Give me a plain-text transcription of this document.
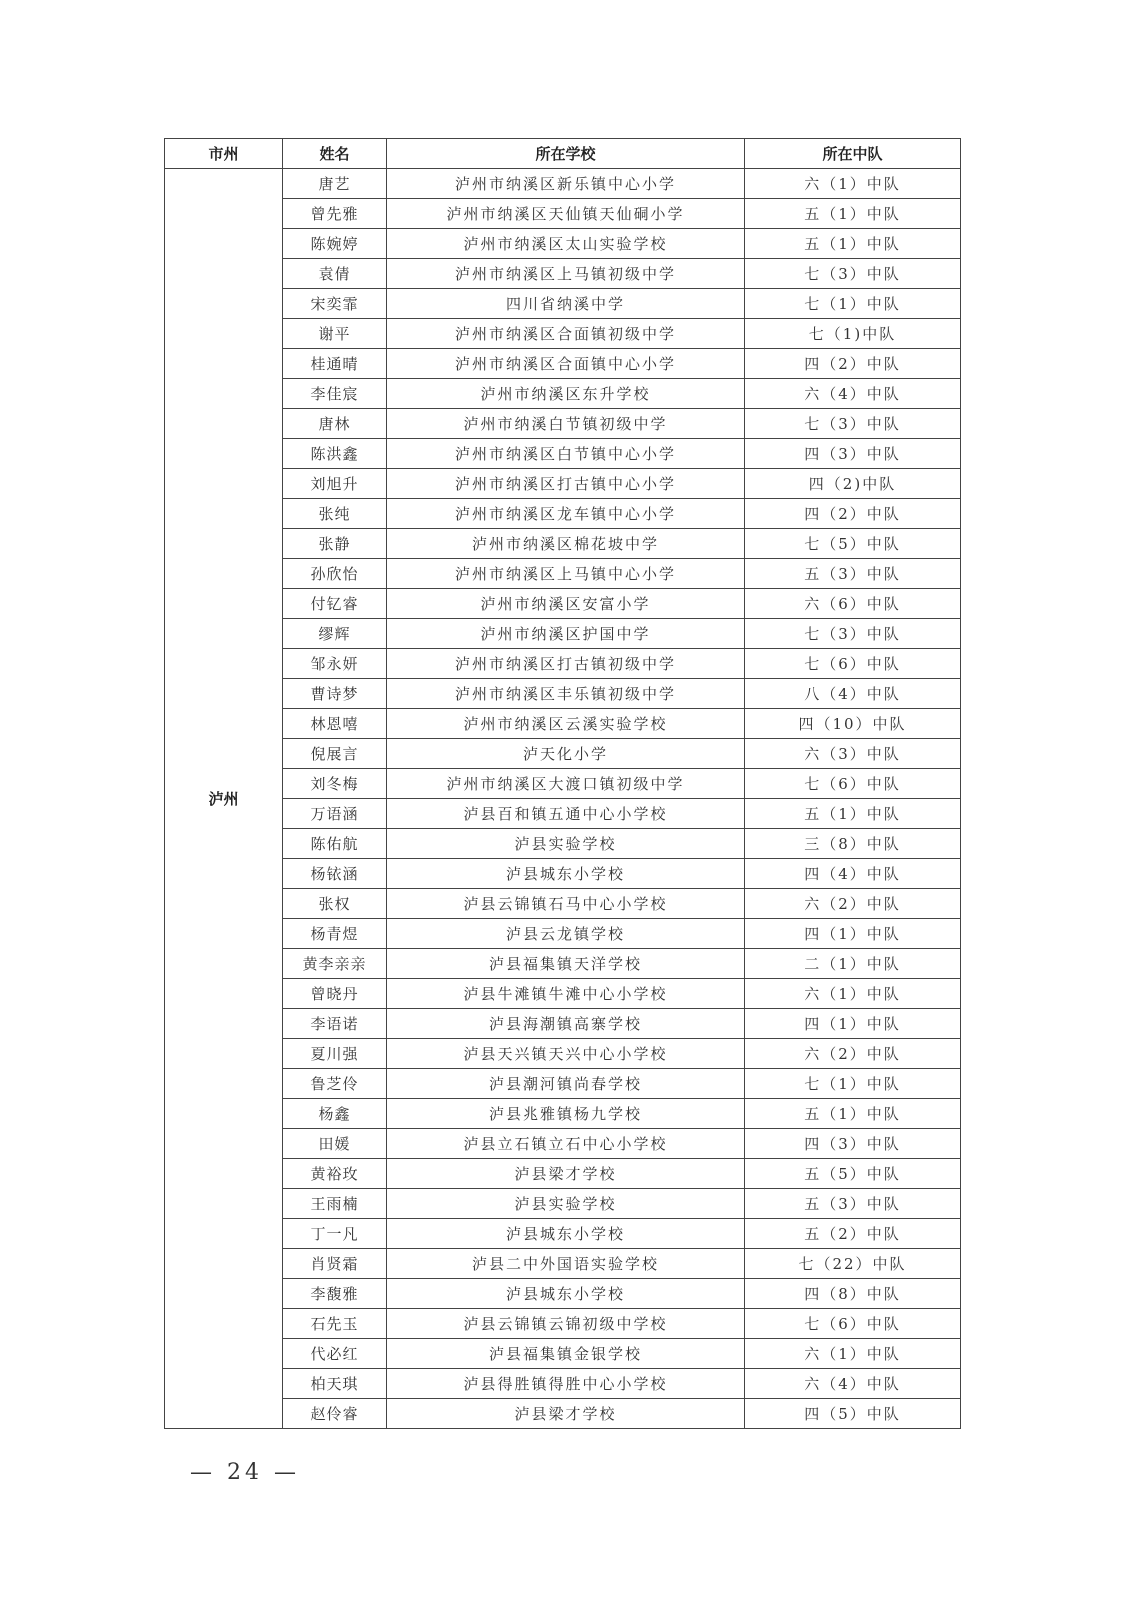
市州	姓名	所在学校	所在中队
泸州	唐艺	泸州市纳溪区新乐镇中心小学	六（1）中队
	曾先雅	泸州市纳溪区天仙镇天仙硐小学	五（1）中队
	陈婉婷	泸州市纳溪区太山实验学校	五（1）中队
	袁倩	泸州市纳溪区上马镇初级中学	七（3）中队
	宋奕霏	四川省纳溪中学	七（1）中队
	谢平	泸州市纳溪区合面镇初级中学	七（1)中队
	桂通晴	泸州市纳溪区合面镇中心小学	四（2）中队
	李佳宸	泸州市纳溪区东升学校	六（4）中队
	唐林	泸州市纳溪白节镇初级中学	七（3）中队
	陈洪鑫	泸州市纳溪区白节镇中心小学	四（3）中队
	刘旭升	泸州市纳溪区打古镇中心小学	四（2)中队
	张纯	泸州市纳溪区龙车镇中心小学	四（2）中队
	张静	泸州市纳溪区棉花坡中学	七（5）中队
	孙欣怡	泸州市纳溪区上马镇中心小学	五（3）中队
	付钇睿	泸州市纳溪区安富小学	六（6）中队
	缪辉	泸州市纳溪区护国中学	七（3）中队
	邹永妍	泸州市纳溪区打古镇初级中学	七（6）中队
	曹诗梦	泸州市纳溪区丰乐镇初级中学	八（4）中队
	林恩嘻	泸州市纳溪区云溪实验学校	四（10）中队
	倪展言	泸天化小学	六（3）中队
	刘冬梅	泸州市纳溪区大渡口镇初级中学	七（6）中队
	万语涵	泸县百和镇五通中心小学校	五（1）中队
	陈佑航	泸县实验学校	三（8）中队
	杨铱涵	泸县城东小学校	四（4）中队
	张权	泸县云锦镇石马中心小学校	六（2）中队
	杨青煜	泸县云龙镇学校	四（1）中队
	黄李亲亲	泸县福集镇天洋学校	二（1）中队
	曾晓丹	泸县牛滩镇牛滩中心小学校	六（1）中队
	李语诺	泸县海潮镇高寨学校	四（1）中队
	夏川强	泸县天兴镇天兴中心小学校	六（2）中队
	鲁芝伶	泸县潮河镇尚春学校	七（1）中队
	杨鑫	泸县兆雅镇杨九学校	五（1）中队
	田媛	泸县立石镇立石中心小学校	四（3）中队
	黄裕玫	泸县梁才学校	五（5）中队
	王雨楠	泸县实验学校	五（3）中队
	丁一凡	泸县城东小学校	五（2）中队
	肖贤霜	泸县二中外国语实验学校	七（22）中队
	李馥雅	泸县城东小学校	四（8）中队
	石先玉	泸县云锦镇云锦初级中学校	七（6）中队
	代必红	泸县福集镇金银学校	六（1）中队
	柏天琪	泸县得胜镇得胜中心小学校	六（4）中队
	赵伶睿	泸县梁才学校	四（5）中队
— 24 —
